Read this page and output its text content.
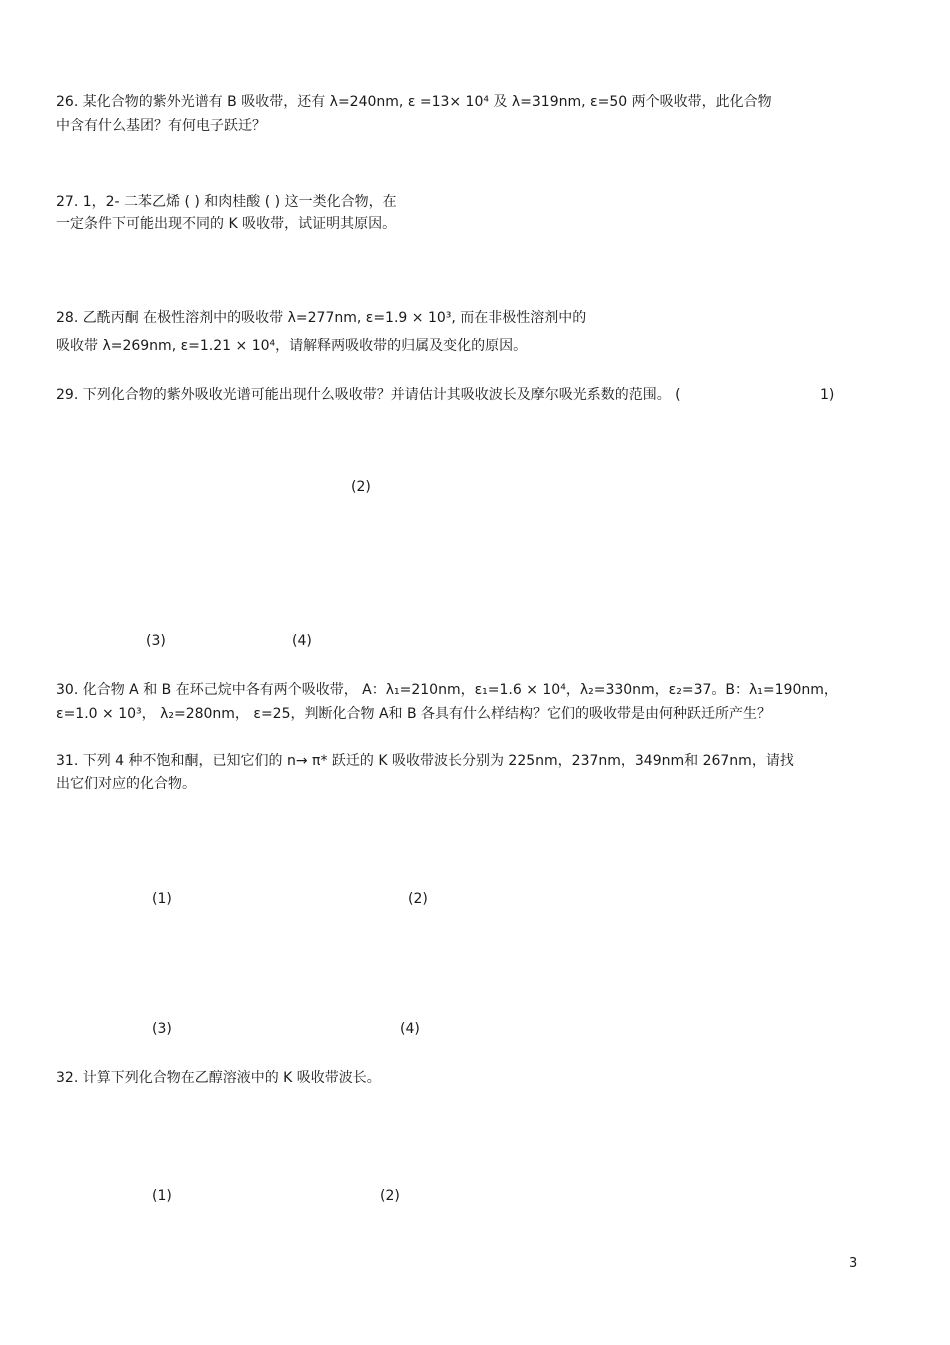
26. 某化合物的紫外光谱有 B 吸收带，还有 λ=240nm, ε =13× 10⁴ 及 λ=319nm, ε=50 两个吸收带，此化合物
中含有什么基团？有何电子跃迁？
27. 1，2- 二苯乙烯 ( ) 和肉桂酸 ( ) 这一类化合物，在
一定条件下可能出现不同的 K 吸收带，试证明其原因。
28. 乙酰丙酮 在极性溶剂中的吸收带 λ=277nm, ε=1.9 × 10³, 而在非极性溶剂中的
吸收带 λ=269nm, ε=1.21 × 10⁴，请解释两吸收带的归属及变化的原因。
29. 下列化合物的紫外吸收光谱可能出现什么吸收带？并请估计其吸收波长及摩尔吸光系数的范围。 (	1)
(2)
(3)	(4)
30. 化合物 A 和 B 在环己烷中各有两个吸收带， A：λ₁=210nm，ε₁=1.6 × 10⁴，λ₂=330nm，ε₂=37。B：λ₁=190nm，
ε=1.0 × 10³， λ₂=280nm， ε=25，判断化合物 A和 B 各具有什么样结构？它们的吸收带是由何种跃迁所产生？
31. 下列 4 种不饱和酮，已知它们的 n→ π* 跃迁的 K 吸收带波长分别为 225nm，237nm，349nm和 267nm，请找
出它们对应的化合物。
(1)	(2)
(3)	(4)
32. 计算下列化合物在乙醇溶液中的 K 吸收带波长。
(1)	(2)
3
